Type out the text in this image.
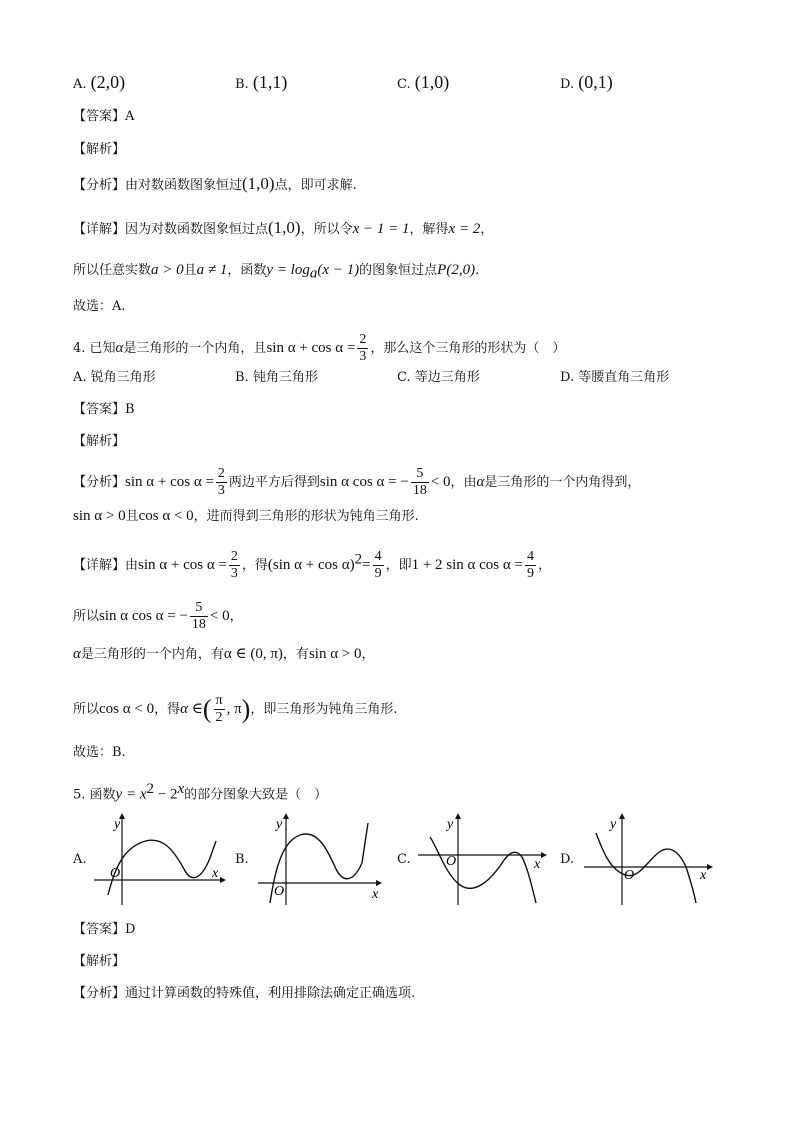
A. (2,0)	B. (1,1)	C. (1,0)	D. (0,1)
【答案】A
【解析】
【分析】由对数函数图象恒过(1,0)点，即可求解.
【详解】因为对数函数图象恒过点(1,0)，所以令x − 1 = 1，解得x = 2，
所以任意实数a > 0且a ≠ 1，函数$y = \log_a(x - 1)$的图象恒过点P(2,0).
故选：A.
4. 已知α是三角形的一个内角，且$\sin \alpha + \cos \alpha = \frac{2}{3}$ ，那么这个三角形的形状为（　）
A. 锐角三角形	B. 钝角三角形	C. 等边三角形	D. 等腰直角三角形
【答案】B
【解析】
【分析】$\sin \alpha + \cos \alpha = \frac{2}{3}$ 两边平方后得到sin α cos α = − $\frac{5}{18} < 0$，由α是三角形的一个内角得到，
sin α > 0且cos α < 0，进而得到三角形的形状为钝角三角形.
【详解】由$\sin \alpha + \cos \alpha = \frac{2}{3}$ ，得(sin $\alpha + \cos \alpha)^2= \frac{4}{9}$ ，即1 + 2 sin α $\cos \alpha = \frac{4}{9}$ ，
所以sin α cos α = − $\frac{5}{18} < 0$，
α是三角形的一个内角，有α ∈ (0, π)，有sin α > 0，
所以cos α < 0，得α ∈( $\frac{\pi}{2}$ , π)，即三角形为钝角三角形.
故选：B.
5. 函数$y = x^2 - 2^x$的部分图象大致是（　）
A.	B.	C.	D.
y
x
O
y
x
O
y
x
O
y
x
O
【答案】D
【解析】
【分析】通过计算函数的特殊值，利用排除法确定正确选项.
